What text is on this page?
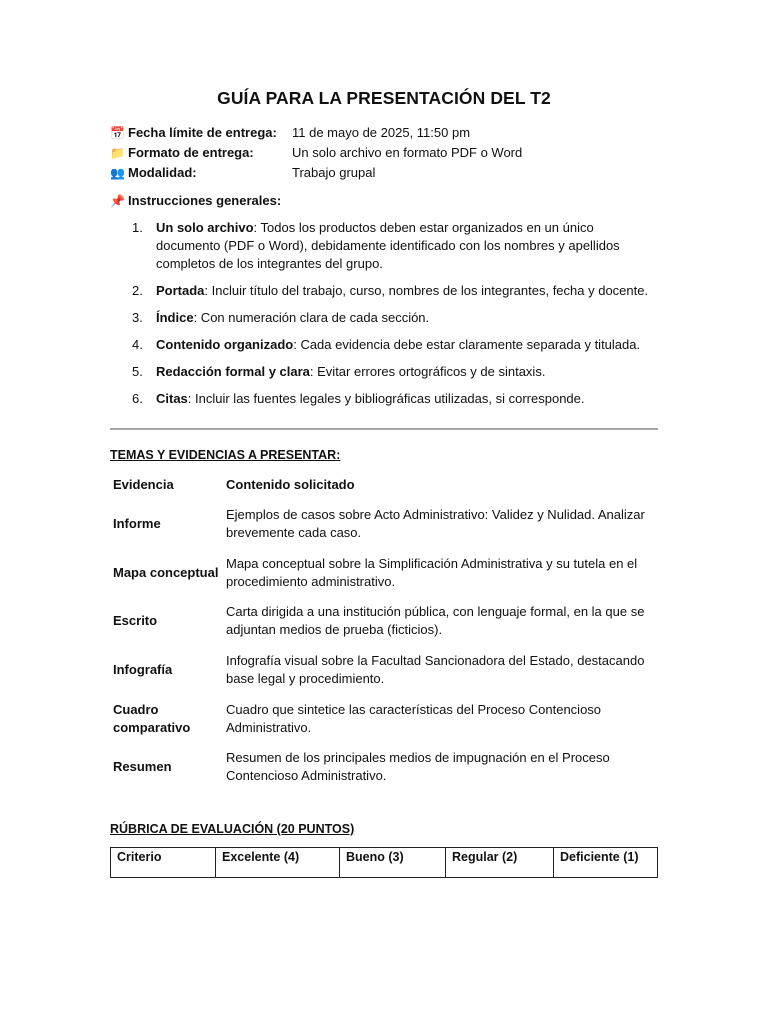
GUÍA PARA LA PRESENTACIÓN DEL T2
📅 Fecha límite de entrega:	11 de mayo de 2025, 11:50 pm
📁 Formato de entrega:	Un solo archivo en formato PDF o Word
👥 Modalidad:	Trabajo grupal
📌 Instrucciones generales:
1. Un solo archivo: Todos los productos deben estar organizados en un único documento (PDF o Word), debidamente identificado con los nombres y apellidos completos de los integrantes del grupo.
2. Portada: Incluir título del trabajo, curso, nombres de los integrantes, fecha y docente.
3. Índice: Con numeración clara de cada sección.
4. Contenido organizado: Cada evidencia debe estar claramente separada y titulada.
5. Redacción formal y clara: Evitar errores ortográficos y de sintaxis.
6. Citas: Incluir las fuentes legales y bibliográficas utilizadas, si corresponde.
TEMAS Y EVIDENCIAS A PRESENTAR:
Evidencia	Contenido solicitado
Informe	Ejemplos de casos sobre Acto Administrativo: Validez y Nulidad. Analizar brevemente cada caso.
Mapa conceptual	Mapa conceptual sobre la Simplificación Administrativa y su tutela en el procedimiento administrativo.
Escrito	Carta dirigida a una institución pública, con lenguaje formal, en la que se adjuntan medios de prueba (ficticios).
Infografía	Infografía visual sobre la Facultad Sancionadora del Estado, destacando base legal y procedimiento.
Cuadro comparativo	Cuadro que sintetice las características del Proceso Contencioso Administrativo.
Resumen	Resumen de los principales medios de impugnación en el Proceso Contencioso Administrativo.
RÚBRICA DE EVALUACIÓN (20 PUNTOS)
Criterio	Excelente (4)	Bueno (3)	Regular (2)	Deficiente (1)
